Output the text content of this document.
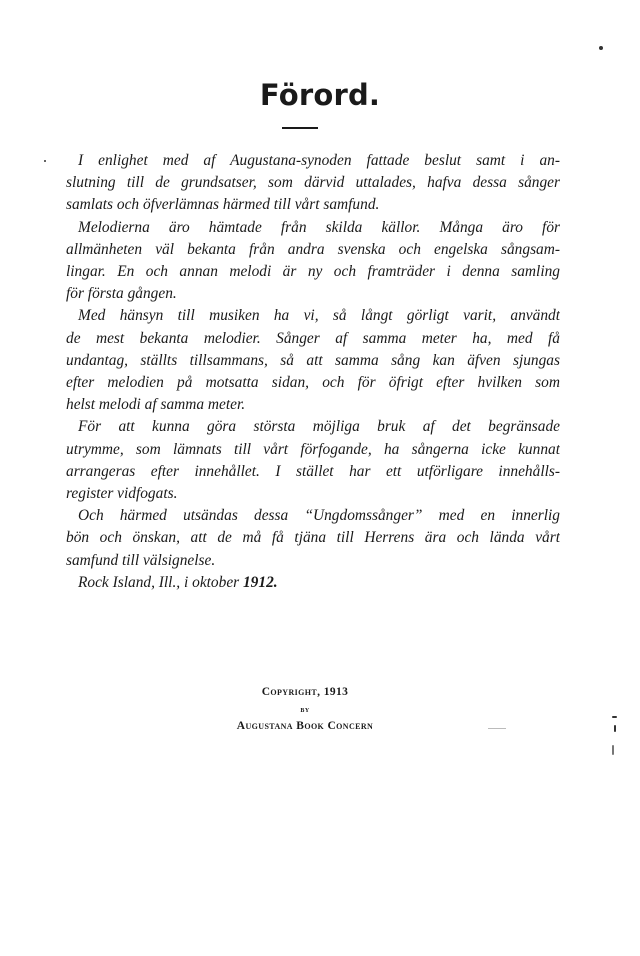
Förord.
I enlighet med af Augustana-synoden fattade beslut samt i an-
slutning till de grundsatser, som därvid uttalades, hafva dessa sånger
samlats och öfverlämnas härmed till vårt samfund.
Melodierna äro hämtade från skilda källor. Många äro för
allmänheten väl bekanta från andra svenska och engelska sångsam-
lingar. En och annan melodi är ny och framträder i denna samling
för första gången.
Med hänsyn till musiken ha vi, så långt görligt varit, användt
de mest bekanta melodier. Sånger af samma meter ha, med få
undantag, ställts tillsammans, så att samma sång kan äfven sjungas
efter melodien på motsatta sidan, och för öfrigt efter hvilken som
helst melodi af samma meter.
För att kunna göra största möjliga bruk af det begränsade
utrymme, som lämnats till vårt förfogande, ha sångerna icke kunnat
arrangeras efter innehållet. I stället har ett utförligare innehålls-
register vidfogats.
Och härmed utsändas dessa “Ungdomssånger” med en innerlig
bön och önskan, att de må få tjäna till Herrens ära och lända vårt
samfund till välsignelse.
Rock Island, Ill., i oktober 1912.
Copyright, 1913
by
Augustana Book Concern
